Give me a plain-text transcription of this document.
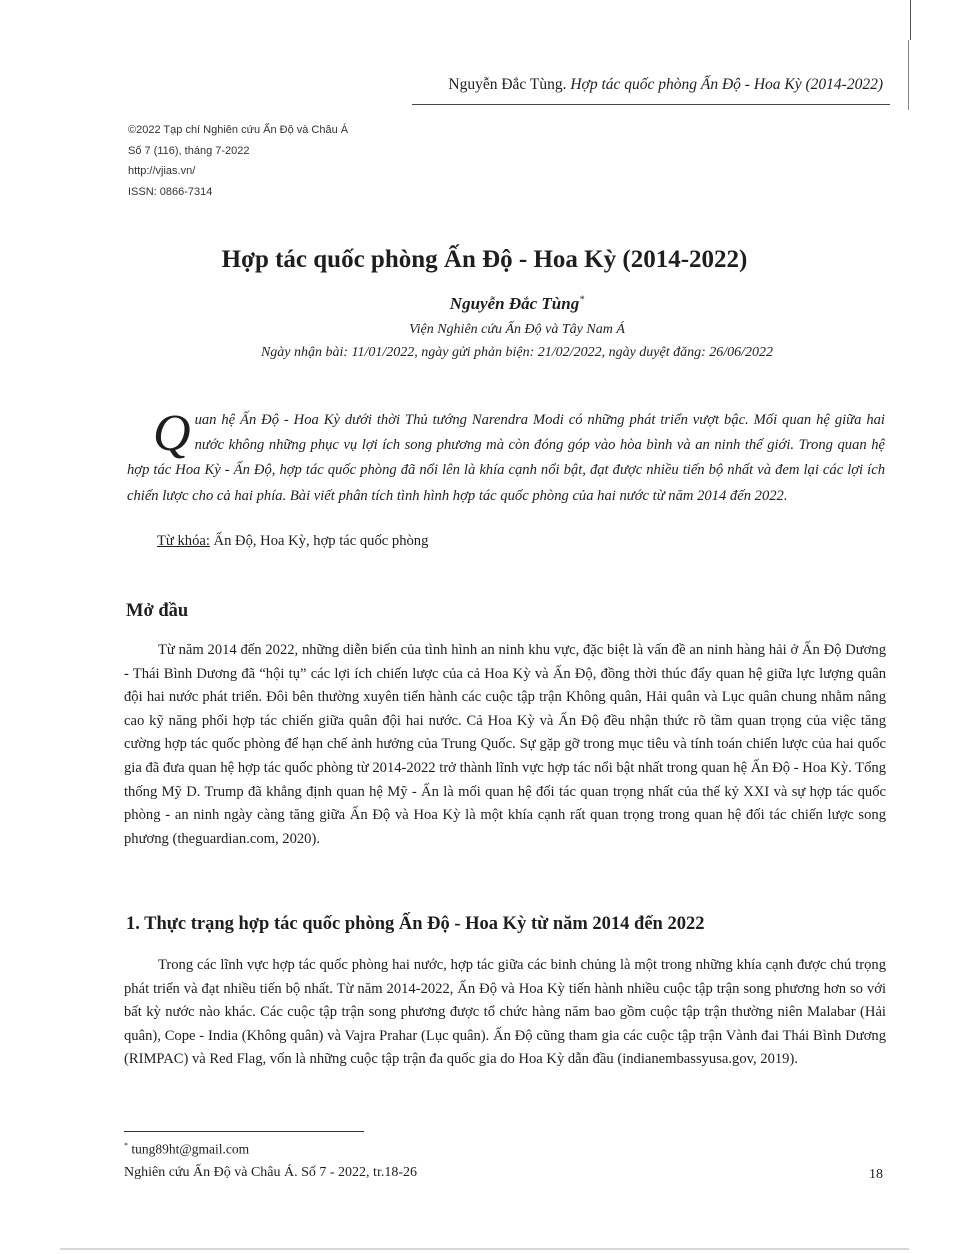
Nguyễn Đắc Tùng. Hợp tác quốc phòng Ấn Độ - Hoa Kỳ (2014-2022)
©2022 Tạp chí Nghiên cứu Ấn Độ và Châu Á
Số 7 (116), tháng 7-2022
http://vjias.vn/
ISSN: 0866-7314
Hợp tác quốc phòng Ấn Độ - Hoa Kỳ (2014-2022)
Nguyễn Đắc Tùng*
Viện Nghiên cứu Ấn Độ và Tây Nam Á
Ngày nhận bài: 11/01/2022, ngày gửi phản biện: 21/02/2022, ngày duyệt đăng: 26/06/2022
Quan hệ Ấn Độ - Hoa Kỳ dưới thời Thủ tướng Narendra Modi có những phát triển vượt bậc. Mối quan hệ giữa hai nước không những phục vụ lợi ích song phương mà còn đóng góp vào hòa bình và an ninh thế giới. Trong quan hệ hợp tác Hoa Kỳ - Ấn Độ, hợp tác quốc phòng đã nổi lên là khía cạnh nổi bật, đạt được nhiều tiến bộ nhất và đem lại các lợi ích chiến lược cho cả hai phía. Bài viết phân tích tình hình hợp tác quốc phòng của hai nước từ năm 2014 đến 2022.
Từ khóa: Ấn Độ, Hoa Kỳ, hợp tác quốc phòng
Mở đầu

Từ năm 2014 đến 2022, những diễn biến của tình hình an ninh khu vực, đặc biệt là vấn đề an ninh hàng hải ở Ấn Độ Dương - Thái Bình Dương đã “hội tụ” các lợi ích chiến lược của cả Hoa Kỳ và Ấn Độ, đồng thời thúc đẩy quan hệ giữa lực lượng quân đội hai nước phát triển. Đôi bên thường xuyên tiến hành các cuộc tập trận Không quân, Hải quân và Lục quân chung nhằm nâng cao kỹ năng phối hợp tác chiến giữa quân đội hai nước. Cả Hoa Kỳ và Ấn Độ đều nhận thức rõ tầm quan trọng của việc tăng cường hợp tác quốc phòng để hạn chế ảnh hưởng của Trung Quốc. Sự gặp gỡ trong mục tiêu và tính toán chiến lược của hai quốc gia đã đưa quan hệ hợp tác quốc phòng từ 2014-2022 trở thành lĩnh vực hợp tác nổi bật nhất trong quan hệ Ấn Độ - Hoa Kỳ. Tổng thống Mỹ D. Trump đã khẳng định quan hệ Mỹ - Ấn là mối quan hệ đối tác quan trọng nhất của thế kỷ XXI và sự hợp tác quốc phòng - an ninh ngày càng tăng giữa Ấn Độ và Hoa Kỳ là một khía cạnh rất quan trọng trong quan hệ đối tác chiến lược song phương (theguardian.com, 2020).

1. Thực trạng hợp tác quốc phòng Ấn Độ - Hoa Kỳ từ năm 2014 đến 2022

Trong các lĩnh vực hợp tác quốc phòng hai nước, hợp tác giữa các binh chủng là một trong những khía cạnh được chú trọng phát triển và đạt nhiều tiến bộ nhất. Từ năm 2014-2022, Ấn Độ và Hoa Kỳ tiến hành nhiều cuộc tập trận song phương hơn so với bất kỳ nước nào khác. Các cuộc tập trận song phương được tổ chức hàng năm bao gồm cuộc tập trận thường niên Malabar (Hải quân), Cope - India (Không quân) và Vajra Prahar (Lục quân). Ấn Độ cũng tham gia các cuộc tập trận Vành đai Thái Bình Dương (RIMPAC) và Red Flag, vốn là những cuộc tập trận đa quốc gia do Hoa Kỳ dẫn đầu (indianembassyusa.gov, 2019).

* tung89ht@gmail.com
Nghiên cứu Ấn Độ và Châu Á. Số 7 - 2022, tr.18-26	18
